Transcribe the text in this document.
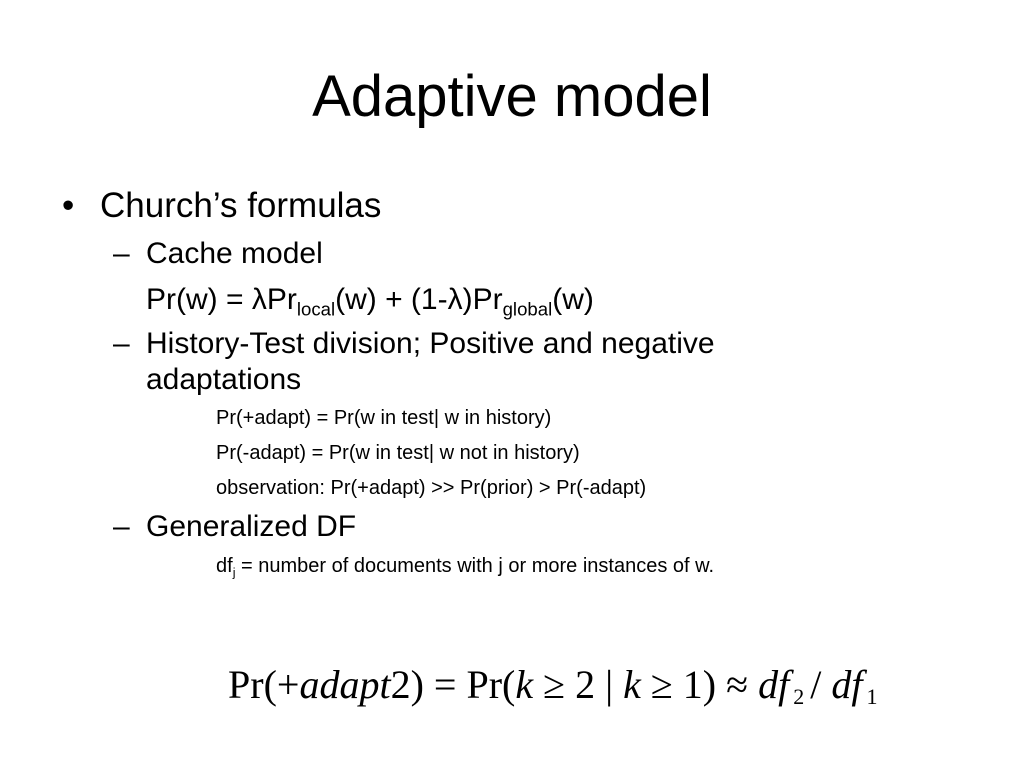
Adaptive model
• Church’s formulas
– Cache model
$Pr(w) = \lambda Pr_{local}(w) + (1-\lambda)Pr_{global}(w)$
– History-Test division; Positive and negative
adaptations
Pr(+adapt) = Pr(w in test| w in history)
Pr(-adapt) = Pr(w in test| w not in history)
observation: Pr(+adapt) >> Pr(prior) > Pr(-adapt)
– Generalized DF
$df_j$ = number of documents with j or more instances of w.
Pr(+adapt2) = Pr(k ≥ 2 | k ≥ 1) ≈ df 2 / df 1
